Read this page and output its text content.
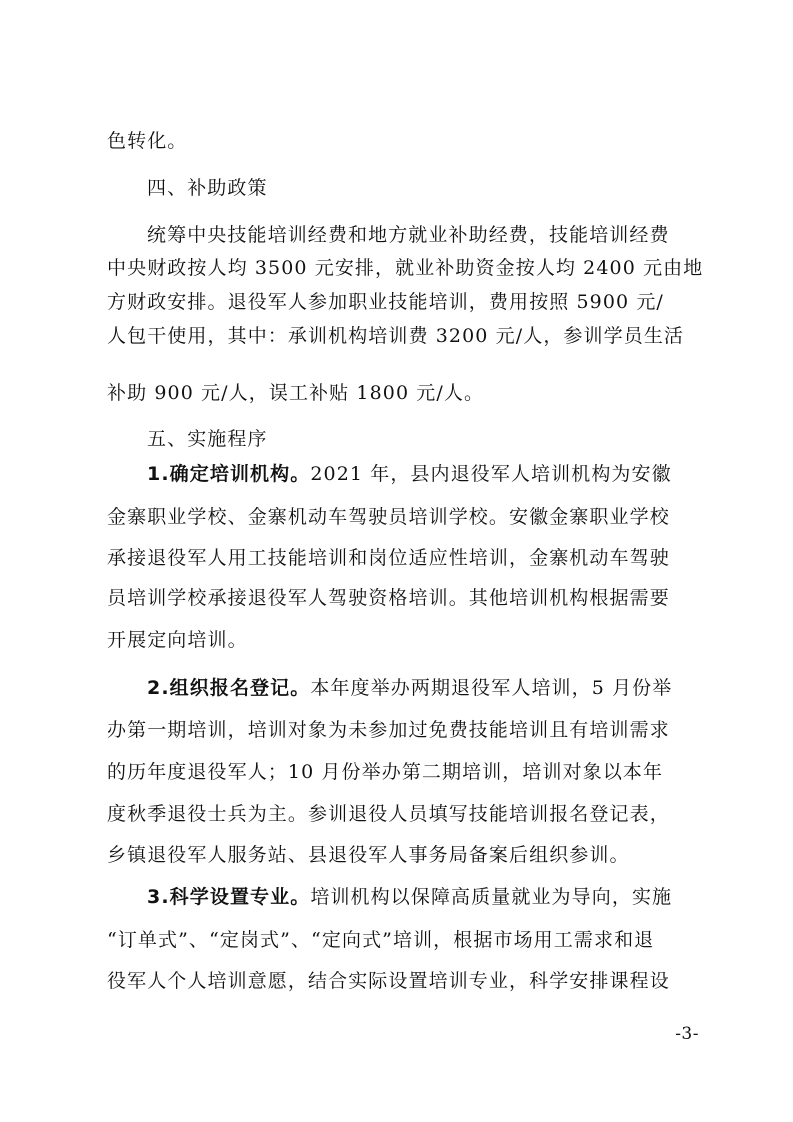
色转化。
四、补助政策
统筹中央技能培训经费和地方就业补助经费，技能培训经费
中央财政按人均 3500 元安排，就业补助资金按人均 2400 元由地
方财政安排。退役军人参加职业技能培训，费用按照 5900 元/
人包干使用，其中：承训机构培训费 3200 元/人，参训学员生活
补助 900 元/人，误工补贴 1800 元/人。
五、实施程序
1.确定培训机构。2021 年，县内退役军人培训机构为安徽
金寨职业学校、金寨机动车驾驶员培训学校。安徽金寨职业学校
承接退役军人用工技能培训和岗位适应性培训，金寨机动车驾驶
员培训学校承接退役军人驾驶资格培训。其他培训机构根据需要
开展定向培训。
2.组织报名登记。本年度举办两期退役军人培训，5 月份举
办第一期培训，培训对象为未参加过免费技能培训且有培训需求
的历年度退役军人；10 月份举办第二期培训，培训对象以本年
度秋季退役士兵为主。参训退役人员填写技能培训报名登记表，
乡镇退役军人服务站、县退役军人事务局备案后组织参训。
3.科学设置专业。培训机构以保障高质量就业为导向，实施
“订单式”、“定岗式”、“定向式”培训，根据市场用工需求和退
役军人个人培训意愿，结合实际设置培训专业，科学安排课程设
-3-
